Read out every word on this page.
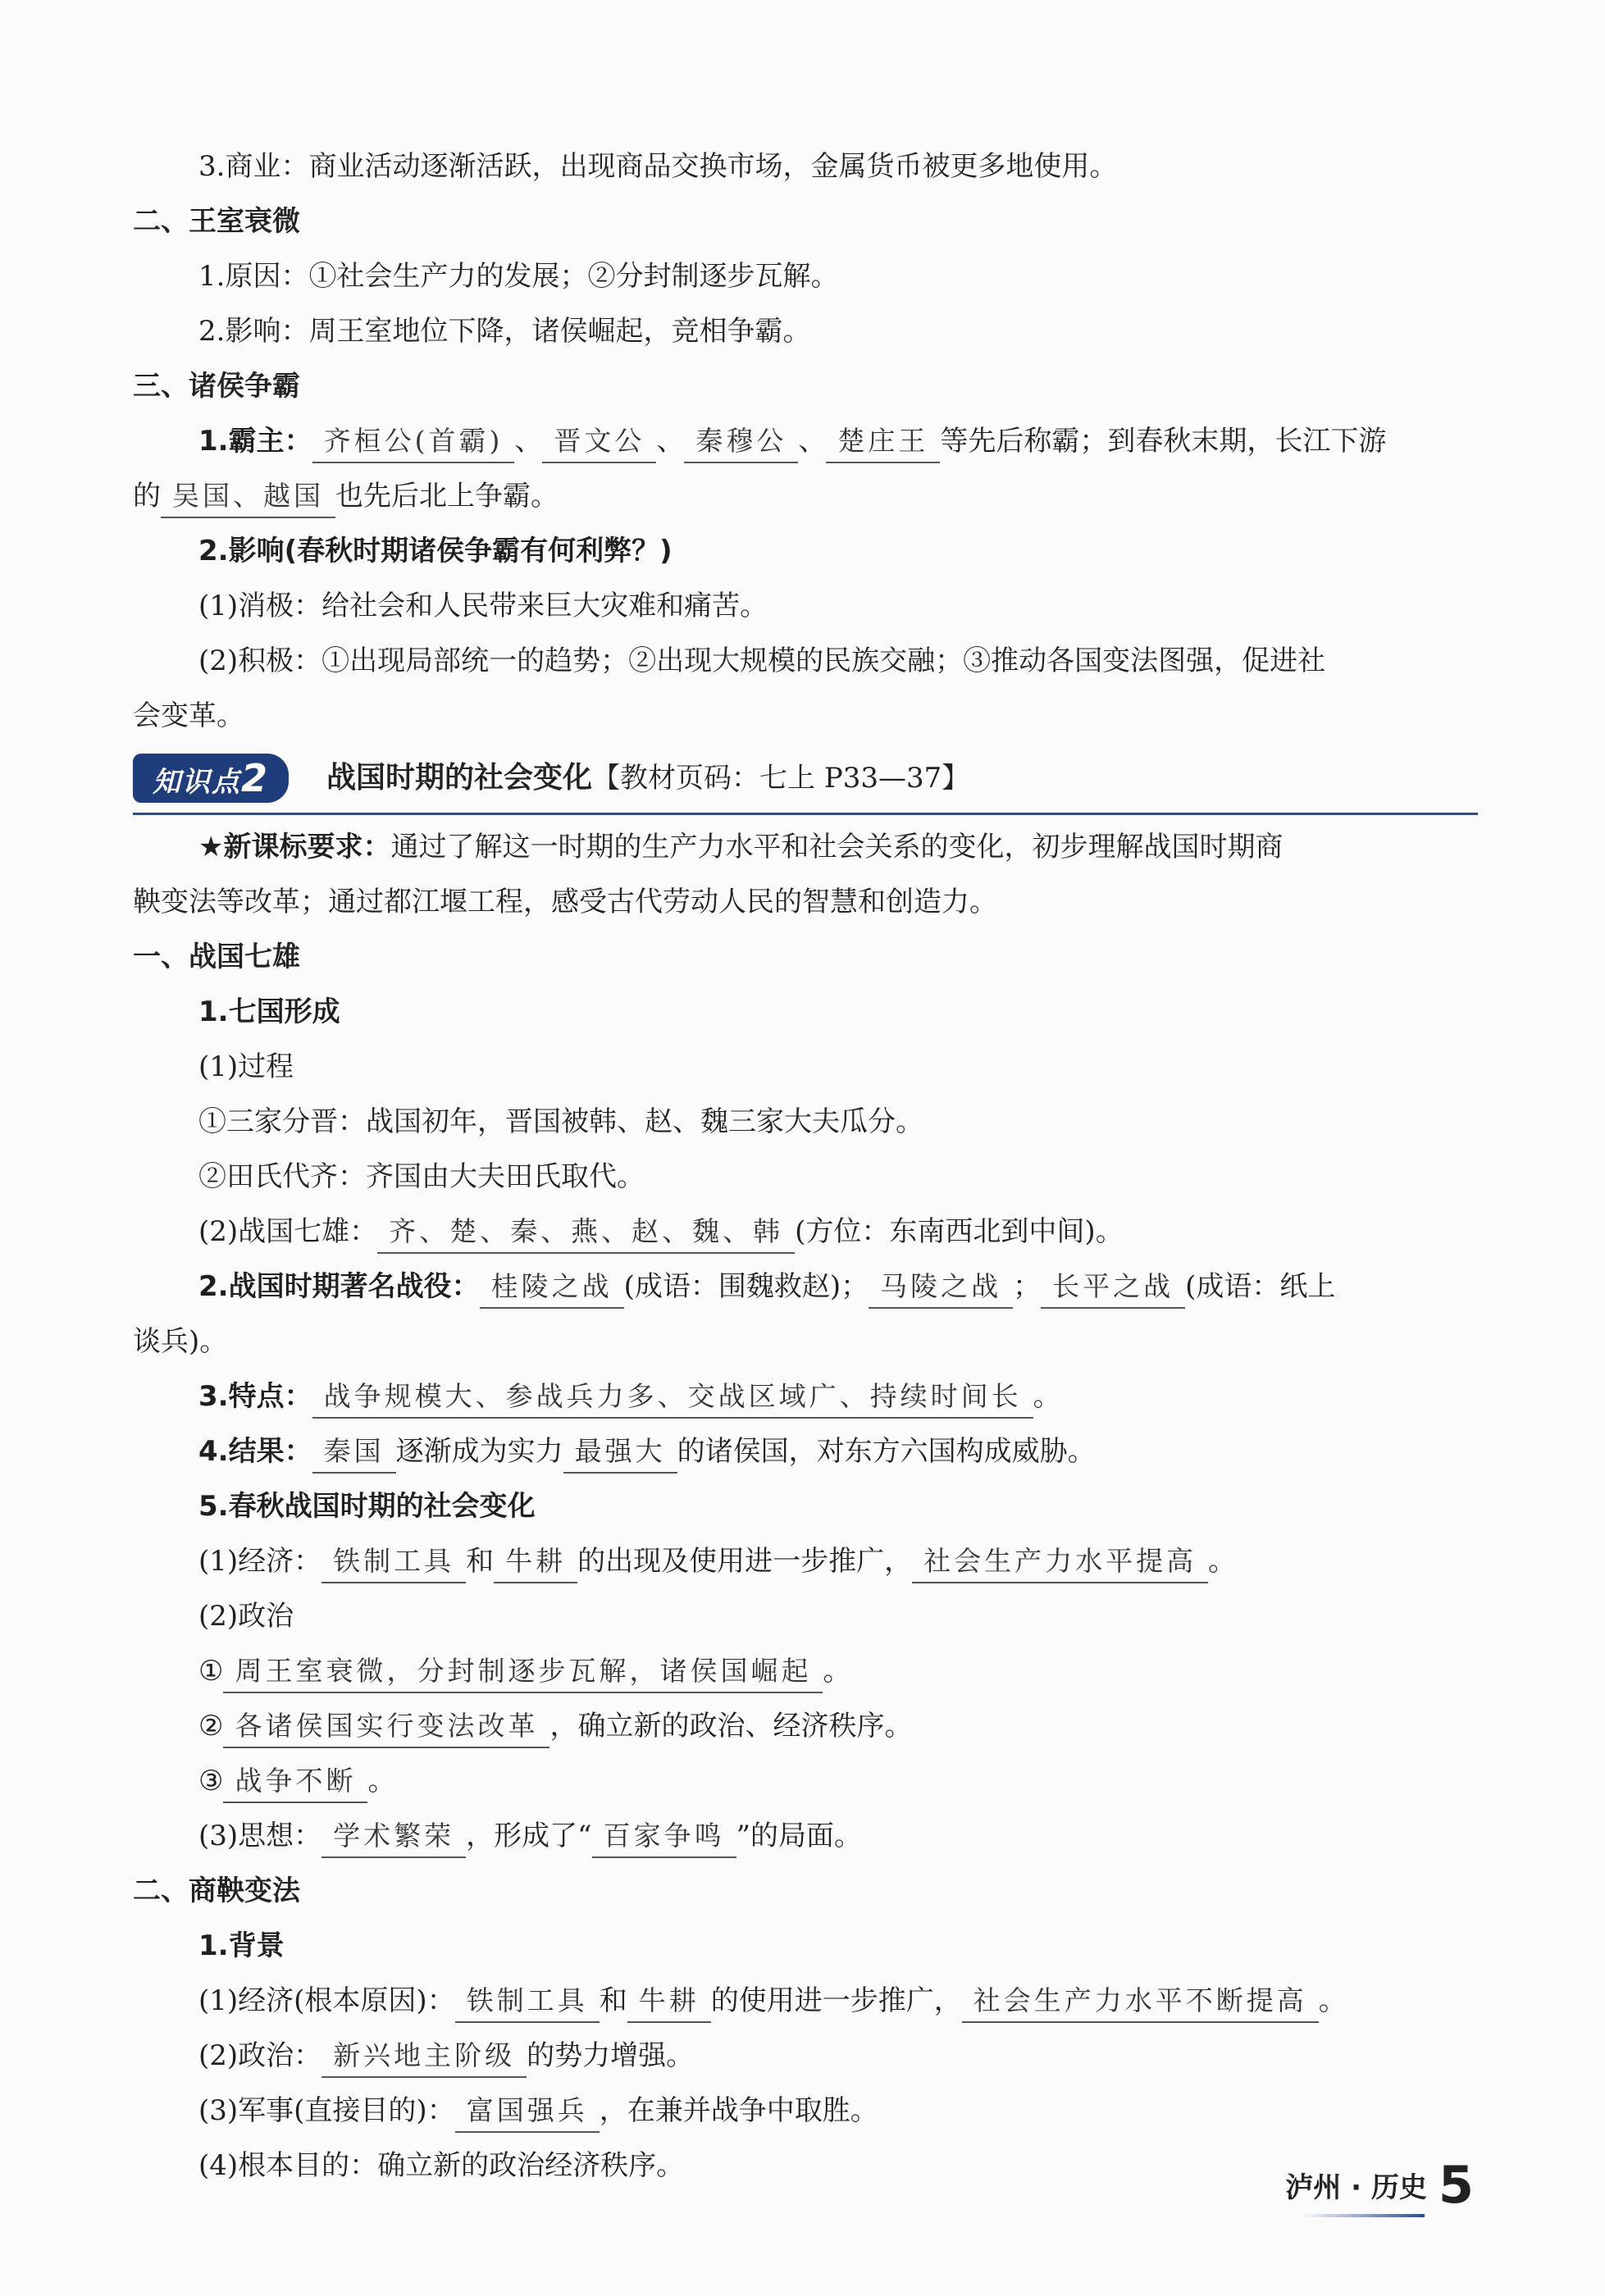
3.商业：商业活动逐渐活跃，出现商品交换市场，金属货币被更多地使用。
二、王室衰微
1.原因：①社会生产力的发展；②分封制逐步瓦解。
2.影响：周王室地位下降，诸侯崛起，竞相争霸。
三、诸侯争霸
1.霸主： 齐桓公(首霸) 、 晋文公 、 秦穆公 、 楚庄王 等先后称霸；到春秋末期，长江下游
的 吴国、越国 也先后北上争霸。
2.影响(春秋时期诸侯争霸有何利弊？)
(1)消极：给社会和人民带来巨大灾难和痛苦。
(2)积极：①出现局部统一的趋势；②出现大规模的民族交融；③推动各国变法图强，促进社
会变革。
知识点2	战国时期的社会变化【教材页码：七上 P33—37】
★新课标要求：通过了解这一时期的生产力水平和社会关系的变化，初步理解战国时期商
鞅变法等改革；通过都江堰工程，感受古代劳动人民的智慧和创造力。
一、战国七雄
1.七国形成
(1)过程
①三家分晋：战国初年，晋国被韩、赵、魏三家大夫瓜分。
②田氏代齐：齐国由大夫田氏取代。
(2)战国七雄： 齐、楚、秦、燕、赵、魏、韩 (方位：东南西北到中间)。
2.战国时期著名战役： 桂陵之战 (成语：围魏救赵)； 马陵之战 ； 长平之战 (成语：纸上
谈兵)。
3.特点： 战争规模大、参战兵力多、交战区域广、持续时间长 。
4.结果： 秦国 逐渐成为实力 最强大 的诸侯国，对东方六国构成威胁。
5.春秋战国时期的社会变化
(1)经济： 铁制工具 和 牛耕 的出现及使用进一步推广， 社会生产力水平提高 。
(2)政治
① 周王室衰微，分封制逐步瓦解，诸侯国崛起 。
② 各诸侯国实行变法改革 ，确立新的政治、经济秩序。
③ 战争不断 。
(3)思想： 学术繁荣 ，形成了“ 百家争鸣 ”的局面。
二、商鞅变法
1.背景
(1)经济(根本原因)： 铁制工具 和 牛耕 的使用进一步推广， 社会生产力水平不断提高 。
(2)政治： 新兴地主阶级 的势力增强。
(3)军事(直接目的)： 富国强兵 ，在兼并战争中取胜。
(4)根本目的：确立新的政治经济秩序。
泸州 · 历史 5
